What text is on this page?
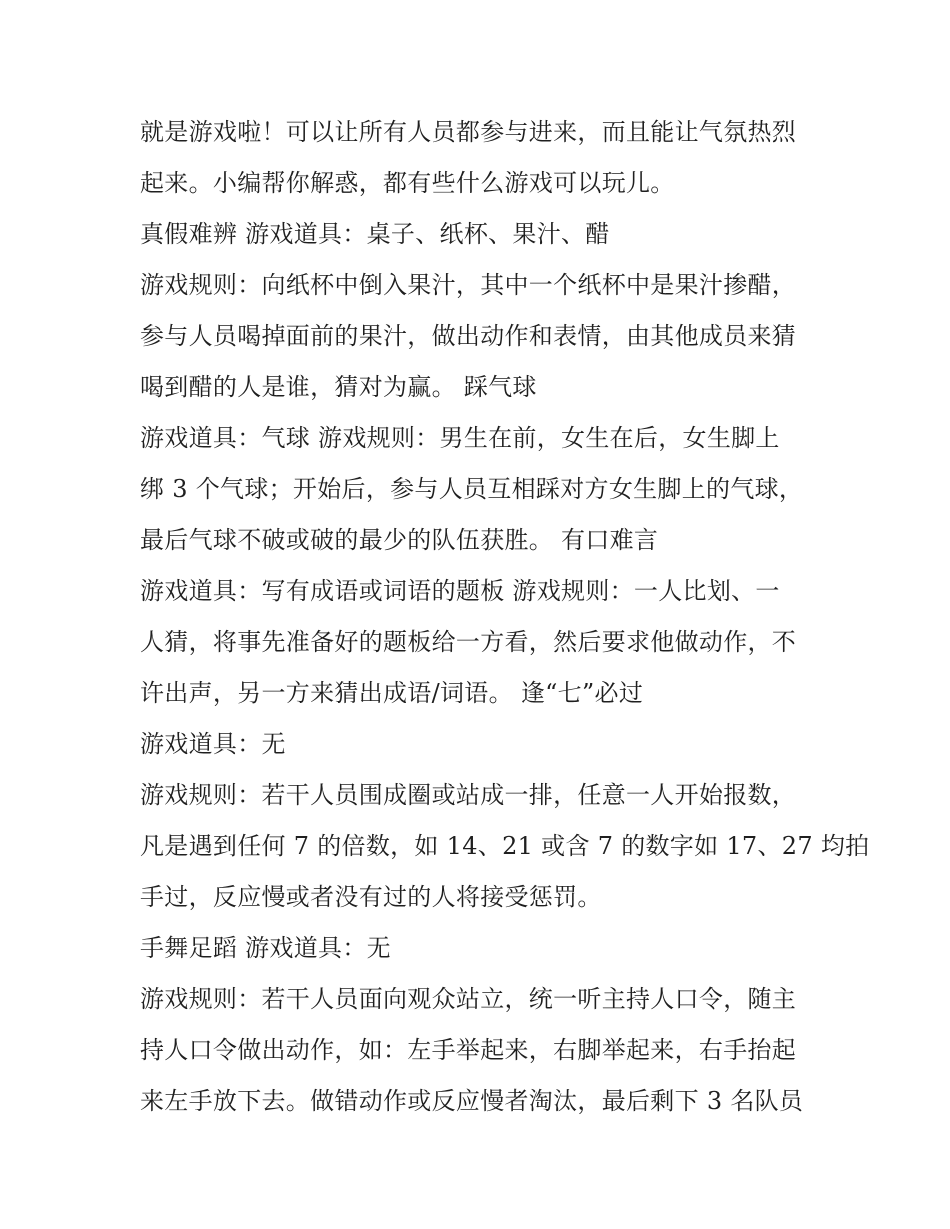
就是游戏啦！可以让所有人员都参与进来，而且能让气氛热烈
起来。小编帮你解惑，都有些什么游戏可以玩儿。
真假难辨 游戏道具：桌子、纸杯、果汁、醋
游戏规则：向纸杯中倒入果汁，其中一个纸杯中是果汁掺醋，
参与人员喝掉面前的果汁，做出动作和表情，由其他成员来猜
喝到醋的人是谁，猜对为赢。 踩气球
游戏道具：气球 游戏规则：男生在前，女生在后，女生脚上
绑 3 个气球；开始后，参与人员互相踩对方女生脚上的气球，
最后气球不破或破的最少的队伍获胜。 有口难言
游戏道具：写有成语或词语的题板 游戏规则：一人比划、一
人猜，将事先准备好的题板给一方看，然后要求他做动作，不
许出声，另一方来猜出成语/词语。 逢“七”必过
游戏道具：无
游戏规则：若干人员围成圈或站成一排，任意一人开始报数，
凡是遇到任何 7 的倍数，如 14、21 或含 7 的数字如 17、27 均拍
手过，反应慢或者没有过的人将接受惩罚。
手舞足蹈 游戏道具：无
游戏规则：若干人员面向观众站立，统一听主持人口令，随主
持人口令做出动作，如：左手举起来，右脚举起来，右手抬起
来左手放下去。做错动作或反应慢者淘汰，最后剩下 3 名队员
